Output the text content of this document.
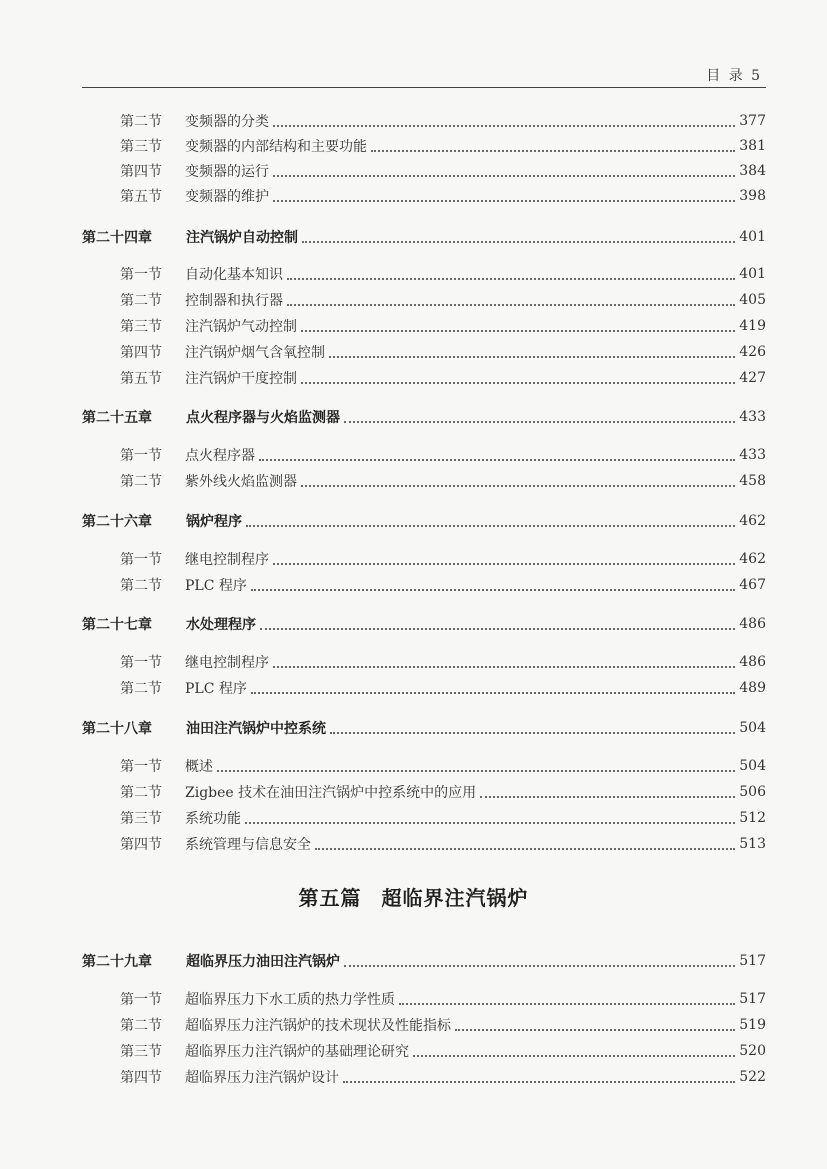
目 录 5
第二节	变频器的分类	377
第三节	变频器的内部结构和主要功能	381
第四节	变频器的运行	384
第五节	变频器的维护	398
第二十四章	注汽锅炉自动控制	401
第一节	自动化基本知识	401
第二节	控制器和执行器	405
第三节	注汽锅炉气动控制	419
第四节	注汽锅炉烟气含氧控制	426
第五节	注汽锅炉干度控制	427
第二十五章	点火程序器与火焰监测器	433
第一节	点火程序器	433
第二节	紫外线火焰监测器	458
第二十六章	锅炉程序	462
第一节	继电控制程序	462
第二节	PLC 程序	467
第二十七章	水处理程序	486
第一节	继电控制程序	486
第二节	PLC 程序	489
第二十八章	油田注汽锅炉中控系统	504
第一节	概述	504
第二节	Zigbee 技术在油田注汽锅炉中控系统中的应用	506
第三节	系统功能	512
第四节	系统管理与信息安全	513
第二十九章	超临界压力油田注汽锅炉	517
第一节	超临界压力下水工质的热力学性质	517
第二节	超临界压力注汽锅炉的技术现状及性能指标	519
第三节	超临界压力注汽锅炉的基础理论研究	520
第四节	超临界压力注汽锅炉设计	522
第五篇 超临界注汽锅炉
